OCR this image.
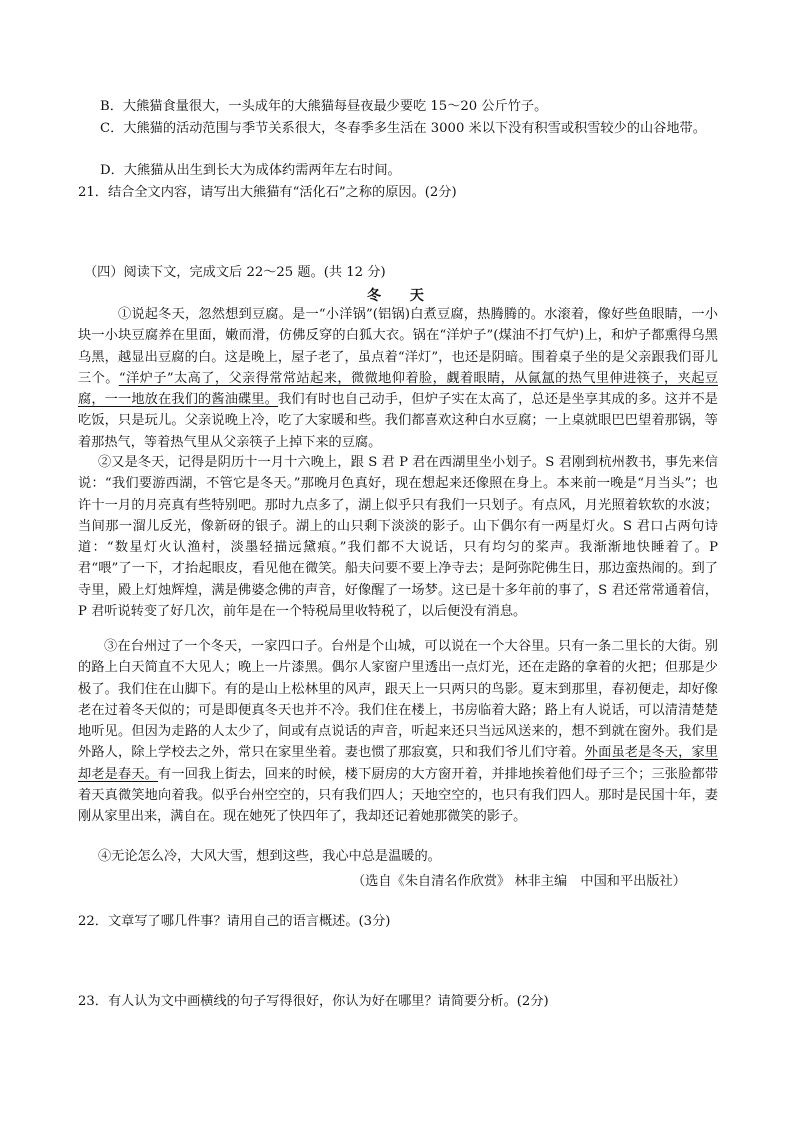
B．大熊猫食量很大，一头成年的大熊猫每昼夜最少要吃 15～20 公斤竹子。
C．大熊猫的活动范围与季节关系很大，冬春季多生活在 3000 米以下没有积雪或积雪较少的山谷地带。
D．大熊猫从出生到长大为成体约需两年左右时间。
21．结合全文内容，请写出大熊猫有“活化石”之称的原因。(2分)
（四）阅读下文，完成文后 22～25 题。(共 12 分)
冬 天
①说起冬天，忽然想到豆腐。是一“小洋锅”(铝锅)白煮豆腐，热腾腾的。水滚着，像好些鱼眼睛，一小块一小块豆腐养在里面，嫩而滑，仿佛反穿的白狐大衣。锅在“洋炉子”(煤油不打气炉)上，和炉子都熏得乌黑乌黑，越显出豆腐的白。这是晚上，屋子老了，虽点着“洋灯”，也还是阴暗。围着桌子坐的是父亲跟我们哥儿三个。“洋炉子”太高了，父亲得常常站起来，微微地仰着脸，觑着眼睛，从氤氲的热气里伸进筷子，夹起豆腐，一一地放在我们的酱油碟里。我们有时也自己动手，但炉子实在太高了，总还是坐享其成的多。这并不是吃饭，只是玩儿。父亲说晚上冷，吃了大家暖和些。我们都喜欢这种白水豆腐；一上桌就眼巴巴望着那锅，等着那热气，等着热气里从父亲筷子上掉下来的豆腐。
②又是冬天，记得是阴历十一月十六晚上，跟 S 君 P 君在西湖里坐小划子。S 君刚到杭州教书，事先来信说：“我们要游西湖，不管它是冬天。”那晚月色真好，现在想起来还像照在身上。本来前一晚是“月当头”；也许十一月的月亮真有些特别吧。那时九点多了，湖上似乎只有我们一只划子。有点风，月光照着软软的水波；当间那一溜儿反光，像新砑的银子。湖上的山只剩下淡淡的影子。山下偶尔有一两星灯火。S 君口占两句诗道：“数星灯火认渔村，淡墨轻描远黛痕。”我们都不大说话，只有均匀的桨声。我渐渐地快睡着了。P 君“喂”了一下，才抬起眼皮，看见他在微笑。船夫问要不要上净寺去；是阿弥陀佛生日，那边蛮热闹的。到了寺里，殿上灯烛辉煌，满是佛婆念佛的声音，好像醒了一场梦。这已是十多年前的事了，S 君还常常通着信，P 君听说转变了好几次，前年是在一个特税局里收特税了，以后便没有消息。
③在台州过了一个冬天，一家四口子。台州是个山城，可以说在一个大谷里。只有一条二里长的大街。别的路上白天简直不大见人；晚上一片漆黑。偶尔人家窗户里透出一点灯光，还在走路的拿着的火把；但那是少极了。我们住在山脚下。有的是山上松林里的风声，跟天上一只两只的鸟影。夏末到那里，春初便走，却好像老在过着冬天似的；可是即便真冬天也并不冷。我们住在楼上，书房临着大路；路上有人说话，可以清清楚楚地听见。但因为走路的人太少了，间或有点说话的声音，听起来还只当远风送来的，想不到就在窗外。我们是外路人，除上学校去之外，常只在家里坐着。妻也惯了那寂寞，只和我们爷儿们守着。外面虽老是冬天，家里却老是春天。有一回我上街去，回来的时候，楼下厨房的大方窗开着，并排地挨着他们母子三个；三张脸都带着天真微笑地向着我。似乎台州空空的，只有我们四人；天地空空的，也只有我们四人。那时是民国十年，妻刚从家里出来，满自在。现在她死了快四年了，我却还记着她那微笑的影子。
④无论怎么冷，大风大雪，想到这些，我心中总是温暖的。
（选自《朱自清名作欣赏》 林非主编　中国和平出版社）
22．文章写了哪几件事？请用自己的语言概述。(3分)
23．有人认为文中画横线的句子写得很好，你认为好在哪里？请简要分析。(2分)
